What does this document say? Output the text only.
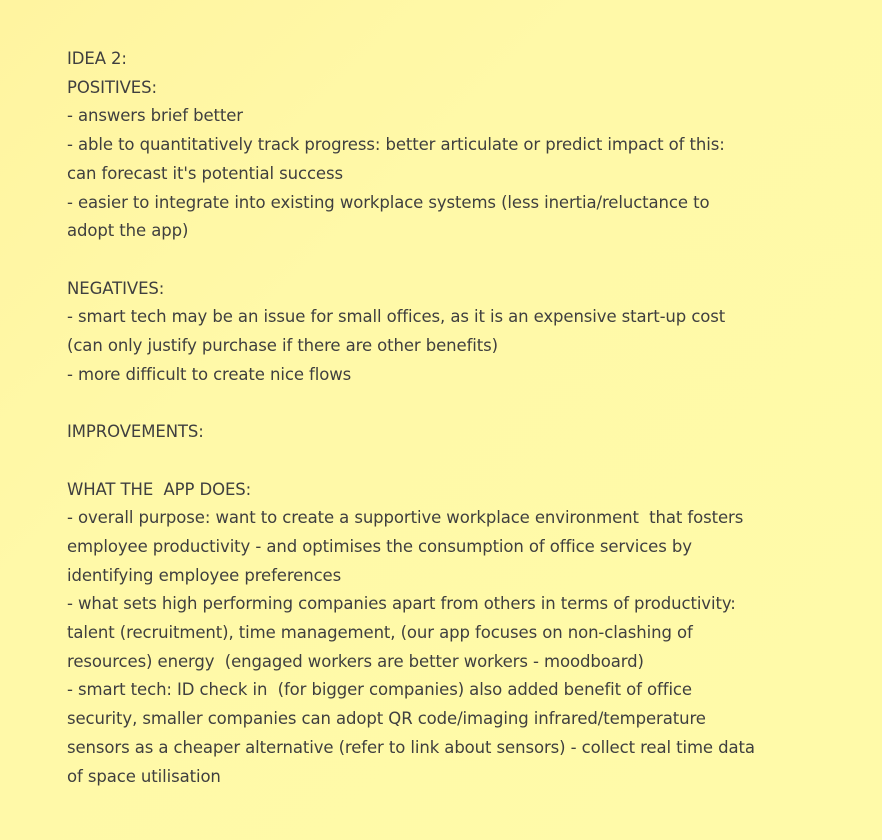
IDEA 2:
POSITIVES:
- answers brief better
- able to quantitatively track progress: better articulate or predict impact of this:
can forecast it's potential success
- easier to integrate into existing workplace systems (less inertia/reluctance to
adopt the app)
NEGATIVES:
- smart tech may be an issue for small offices, as it is an expensive start-up cost
(can only justify purchase if there are other benefits)
- more difficult to create nice flows
IMPROVEMENTS:
WHAT THE  APP DOES:
- overall purpose: want to create a supportive workplace environment  that fosters
employee productivity - and optimises the consumption of office services by
identifying employee preferences
- what sets high performing companies apart from others in terms of productivity:
talent (recruitment), time management, (our app focuses on non-clashing of
resources) energy  (engaged workers are better workers - moodboard)
- smart tech: ID check in  (for bigger companies) also added benefit of office
security, smaller companies can adopt QR code/imaging infrared/temperature
sensors as a cheaper alternative (refer to link about sensors) - collect real time data
of space utilisation
